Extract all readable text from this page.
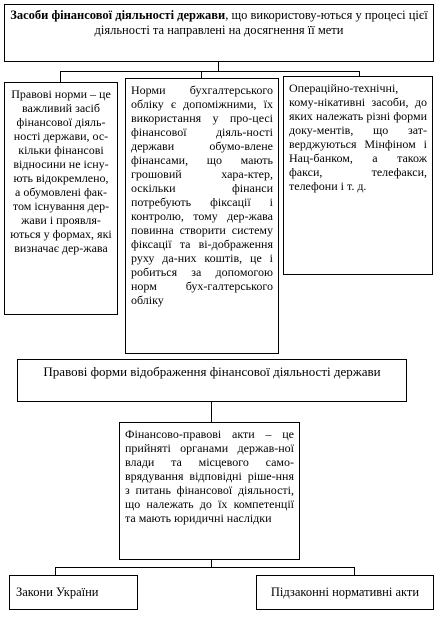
Засоби фінансової діяльності держави, що використову-ються у процесі цієї діяльності та направлені на досягнення її мети

Правові норми – це важливий засіб фінансової діяль-ності держави, ос-кільки фінансові відносини не існу-ють відокремлено, а обумовлені фак-том існування дер-жави і проявля-ються у формах, які визначає дер-жава

Норми бухгалтерського обліку є допоміжними, їх використання у про-цесі фінансової діяль-ності держави обумо-влене фінансами, що мають грошовий хара-ктер, оскільки фінанси потребують фіксації і контролю, тому дер-жава повинна створити систему фіксації та ві-дображення руху да-них коштів, це і робиться за допомогою норм бух-галтерського обліку

Операційно-технічні, кому-нікативні засоби, до яких належать різні форми доку-ментів, що зат-верджуються Мінфіном і Нац-банком, а також факси, телефакси, телефони і т. д.

Правові форми відображення фінансової діяльності держави

Фінансово-правові акти – це прийняті органами держав-ної влади та місцевого само-врядування відповідні ріше-ння з питань фінансової діяльності, що належать до їх компетенції та мають юридичні наслідки

Закони України	Підзаконні нормативні акти
